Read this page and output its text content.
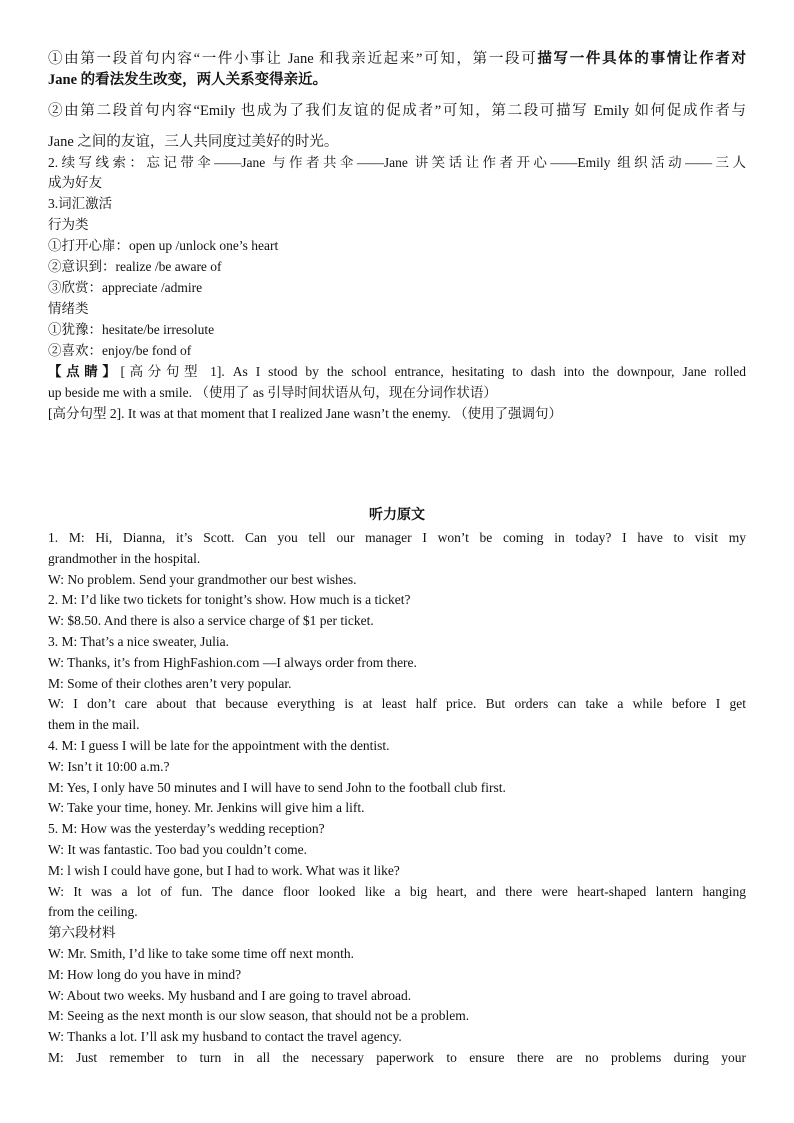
①由第一段首句内容“一件小事让 Jane 和我亲近起来”可知，第一段可描写一件具体的事情让作者对
Jane 的看法发生改变，两人关系变得亲近。
②由第二段首句内容“Emily 也成为了我们友谊的促成者”可知，第二段可描写 Emily 如何促成作者与
Jane 之间的友谊，三人共同度过美好的时光。
2.续写线索：忘记带伞——Jane 与作者共伞——Jane 讲笑话让作者开心——Emily 组织活动——三人
成为好友
3.词汇激活
行为类
①打开心扉：open up /unlock one’s heart
②意识到：realize /be aware of
③欣赏：appreciate /admire
情绪类
①犹豫：hesitate/be irresolute
②喜欢：enjoy/be fond of
【点睛】[高分句型 1]. As I stood by the school entrance, hesitating to dash into the downpour, Jane rolled
up beside me with a smile. （使用了 as 引导时间状语从句，现在分词作状语）
[高分句型 2]. It was at that moment that I realized Jane wasn’t the enemy. （使用了强调句）
听力原文
1. M: Hi, Dianna, it’s Scott. Can you tell our manager I won’t be coming in today? I have to visit my
grandmother in the hospital.
W: No problem. Send your grandmother our best wishes.
2. M: I’d like two tickets for tonight’s show. How much is a ticket?
W: $8.50. And there is also a service charge of $1 per ticket.
3. M: That’s a nice sweater, Julia.
W: Thanks, it’s from HighFashion.com —I always order from there.
M: Some of their clothes aren’t very popular.
W: I don’t care about that because everything is at least half price. But orders can take a while before I get
them in the mail.
4. M: I guess I will be late for the appointment with the dentist.
W: Isn’t it 10:00 a.m.?
M: Yes, I only have 50 minutes and I will have to send John to the football club first.
W: Take your time, honey. Mr. Jenkins will give him a lift.
5. M: How was the yesterday’s wedding reception?
W: It was fantastic. Too bad you couldn’t come.
M: l wish I could have gone, but I had to work. What was it like?
W: It was a lot of fun. The dance floor looked like a big heart, and there were heart-shaped lantern hanging
from the ceiling.
第六段材料
W: Mr. Smith, I’d like to take some time off next month.
M: How long do you have in mind?
W: About two weeks. My husband and I are going to travel abroad.
M: Seeing as the next month is our slow season, that should not be a problem.
W: Thanks a lot. I’ll ask my husband to contact the travel agency.
M: Just remember to turn in all the necessary paperwork to ensure there are no problems during your
